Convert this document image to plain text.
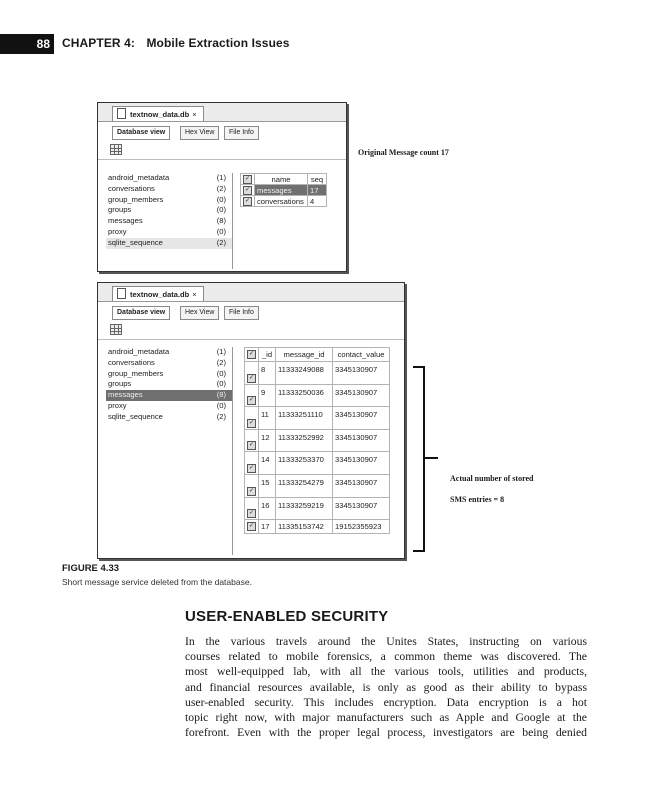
88	CHAPTER 4: Mobile Extraction Issues
textnow_data.db ×
Database view	Hex View	File Info
android_metadata	(1)
conversations	(2)
group_members	(0)
groups	(0)
messages	(8)
proxy	(0)
sqlite_sequence	(2)
✓	name	seq
✓	messages	17
✓	conversations	4
Original Message count 17
textnow_data.db ×
Database view	Hex View	File Info
android_metadata	(1)
conversations	(2)
group_members	(0)
groups	(0)
messages	(8)
proxy	(0)
sqlite_sequence	(2)
✓	_id	message_id	contact_value
✓	8	11333249088	3345130907
✓	9	11333250036	3345130907
✓	11	11333251110	3345130907
✓	12	11333252992	3345130907
✓	14	11333253370	3345130907
✓	15	11333254279	3345130907
✓	16	11333259219	3345130907
✓	17	11335153742	19152355923
Actual number of stored
SMS entries = 8
FIGURE 4.33
Short message service deleted from the database.
USER-ENABLED SECURITY
In the various travels around the Unites States, instructing on various
courses related to mobile forensics, a common theme was discovered. The
most well-equipped lab, with all the various tools, utilities and products,
and financial resources available, is only as good as their ability to bypass
user-enabled security. This includes encryption. Data encryption is a hot
topic right now, with major manufacturers such as Apple and Google at the
forefront. Even with the proper legal process, investigators are being denied
